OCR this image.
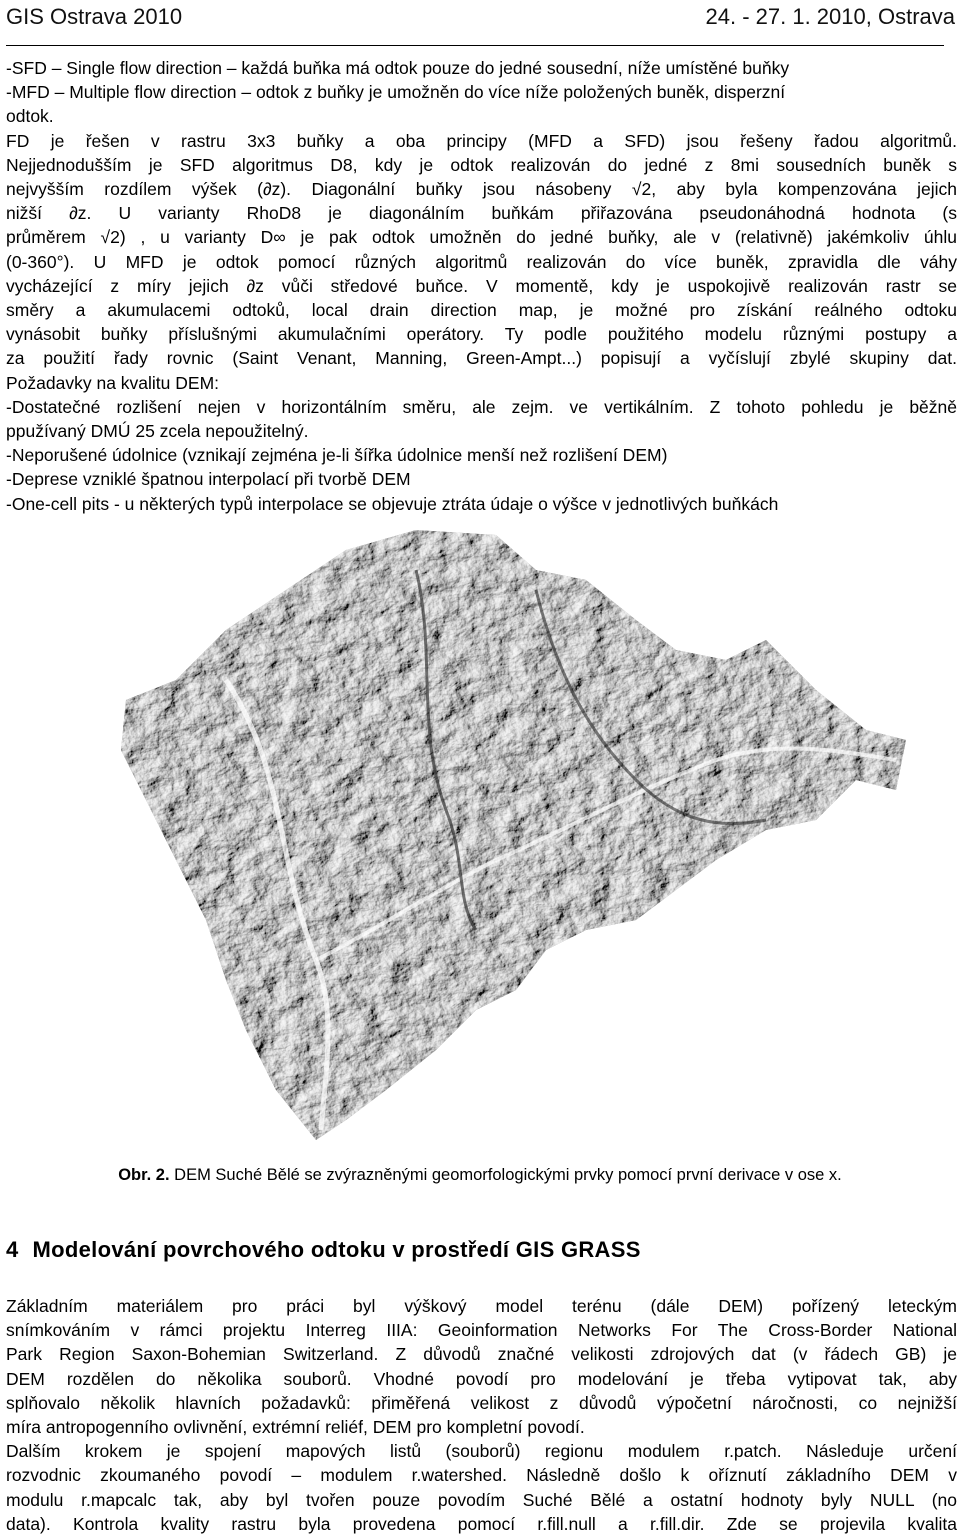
GIS Ostrava 2010	24. - 27. 1. 2010, Ostrava

-SFD – Single flow direction – každá buňka má odtok pouze do jedné sousední, níže umístěné buňky

-MFD – Multiple flow direction – odtok z buňky je umožněn do více níže položených buněk, disperzní

odtok.

FD je řešen v rastru 3x3 buňky a oba principy (MFD a SFD) jsou řešeny řadou algoritmů.

Nejjednodušším je SFD algoritmus D8, kdy je odtok realizován do jedné z 8mi sousedních buněk s

nejvyšším rozdílem výšek (∂z). Diagonální buňky jsou násobeny √2, aby byla kompenzována jejich

nižší ∂z. U varianty RhoD8 je diagonálním buňkám přiřazována pseudonáhodná hodnota (s

průměrem √2) , u varianty D∞ je pak odtok umožněn do jedné buňky, ale v (relativně) jakémkoliv úhlu

(0-360°). U MFD je odtok pomocí různých algoritmů realizován do více buněk, zpravidla dle váhy

vycházející z míry jejich ∂z vůči středové buňce. V momentě, kdy je uspokojivě realizován rastr se

směry a akumulacemi odtoků, local drain direction map, je možné pro získání reálného odtoku

vynásobit buňky příslušnými akumulačními operátory. Ty podle použitého modelu různými postupy a

za použití řady rovnic (Saint Venant, Manning, Green-Ampt...) popisují a vyčíslují zbylé skupiny dat.

Požadavky na kvalitu DEM:

-Dostatečné rozlišení nejen v horizontálním směru, ale zejm. ve vertikálním. Z tohoto pohledu je běžně

ppužívaný DMÚ 25 zcela nepoužitelný.

-Neporušené údolnice (vznikají zejména je-li šířka údolnice menší než rozlišení DEM)

-Deprese vzniklé špatnou interpolací při tvorbě DEM

-One-cell pits - u některých typů interpolace se objevuje ztráta údaje o výšce v jednotlivých buňkách

Obr. 2. DEM Suché Bělé se zvýrazněnými geomorfologickými prvky pomocí první derivace v ose x.
4 Modelování povrchového odtoku v prostředí GIS GRASS

Základním materiálem pro práci byl výškový model terénu (dále DEM) pořízený leteckým

snímkováním v rámci projektu Interreg IIIA: Geoinformation Networks For The Cross-Border National

Park Region Saxon-Bohemian Switzerland. Z důvodů značné velikosti zdrojových dat (v řádech GB) je

DEM rozdělen do několika souborů. Vhodné povodí pro modelování je třeba vytipovat tak, aby

splňovalo několik hlavních požadavků: přiměřená velikost z důvodů výpočetní náročnosti, co nejnižší

míra antropogenního ovlivnění, extrémní reliéf, DEM pro kompletní povodí.

Dalším krokem je spojení mapových listů (souborů) regionu modulem r.patch. Následuje určení

rozvodnic zkoumaného povodí – modulem r.watershed. Následně došlo k oříznutí základního DEM v

modulu r.mapcalc tak, aby byl tvořen pouze povodím Suché Bělé a ostatní hodnoty byly NULL (no

data). Kontrola kvality rastru byla provedena pomocí r.fill.null a r.fill.dir. Zde se projevila kvalita
